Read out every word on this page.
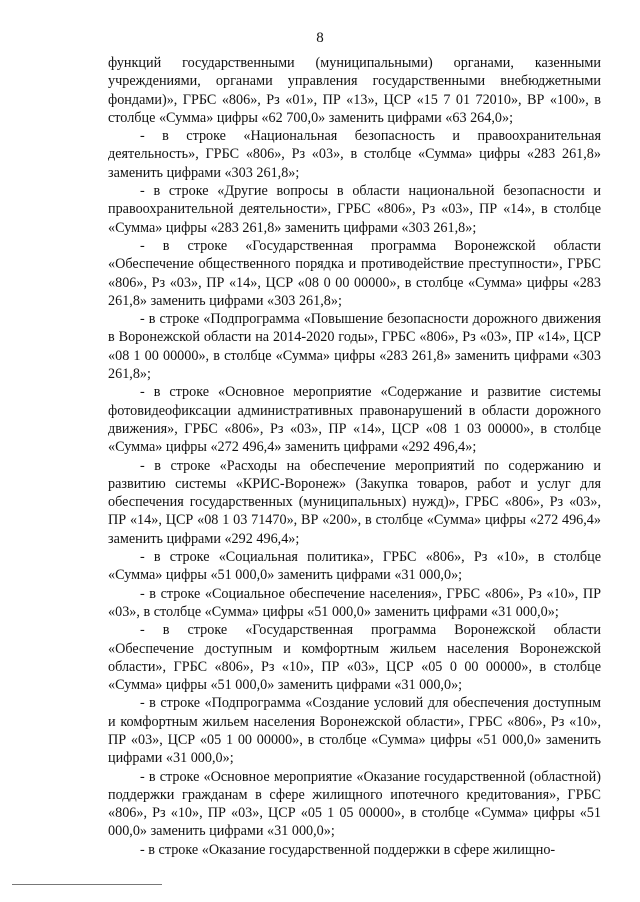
8

функций государственными (муниципальными) органами, казенными учреждениями, органами управления государственными внебюджетными фондами)», ГРБС «806», Рз «01», ПР «13», ЦСР «15 7 01 72010», ВР «100», в столбце «Сумма» цифры «62 700,0» заменить цифрами «63 264,0»;

- в строке «Национальная безопасность и правоохранительная деятельность», ГРБС «806», Рз «03», в столбце «Сумма» цифры «283 261,8» заменить цифрами «303 261,8»;

- в строке «Другие вопросы в области национальной безопасности и правоохранительной деятельности», ГРБС «806», Рз «03», ПР «14», в столбце «Сумма» цифры «283 261,8» заменить цифрами «303 261,8»;

- в строке «Государственная программа Воронежской области «Обеспечение общественного порядка и противодействие преступности», ГРБС «806», Рз «03», ПР «14», ЦСР «08 0 00 00000», в столбце «Сумма» цифры «283 261,8» заменить цифрами «303 261,8»;

- в строке «Подпрограмма «Повышение безопасности дорожного движения в Воронежской области на 2014-2020 годы», ГРБС «806», Рз «03», ПР «14», ЦСР «08 1 00 00000», в столбце «Сумма» цифры «283 261,8» заменить цифрами «303 261,8»;

- в строке «Основное мероприятие «Содержание и развитие системы фотовидеофиксации административных правонарушений в области дорожного движения», ГРБС «806», Рз «03», ПР «14», ЦСР «08 1 03 00000», в столбце «Сумма» цифры «272 496,4» заменить цифрами «292 496,4»;

- в строке «Расходы на обеспечение мероприятий по содержанию и развитию системы «КРИС-Воронеж» (Закупка товаров, работ и услуг для обеспечения государственных (муниципальных) нужд)», ГРБС «806», Рз «03», ПР «14», ЦСР «08 1 03 71470», ВР «200», в столбце «Сумма» цифры «272 496,4» заменить цифрами «292 496,4»;

- в строке «Социальная политика», ГРБС «806», Рз «10», в столбце «Сумма» цифры «51 000,0» заменить цифрами «31 000,0»;

- в строке «Социальное обеспечение населения», ГРБС «806», Рз «10», ПР «03», в столбце «Сумма» цифры «51 000,0» заменить цифрами «31 000,0»;

- в строке «Государственная программа Воронежской области «Обеспечение доступным и комфортным жильем населения Воронежской области», ГРБС «806», Рз «10», ПР «03», ЦСР «05 0 00 00000», в столбце «Сумма» цифры «51 000,0» заменить цифрами «31 000,0»;

- в строке «Подпрограмма «Создание условий для обеспечения доступным и комфортным жильем населения Воронежской области», ГРБС «806», Рз «10», ПР «03», ЦСР «05 1 00 00000», в столбце «Сумма» цифры «51 000,0» заменить цифрами «31 000,0»;

- в строке «Основное мероприятие «Оказание государственной (областной) поддержки гражданам в сфере жилищного ипотечного кредитования», ГРБС «806», Рз «10», ПР «03», ЦСР «05 1 05 00000», в столбце «Сумма» цифры «51 000,0» заменить цифрами «31 000,0»;

- в строке «Оказание государственной поддержки в сфере жилищно-
